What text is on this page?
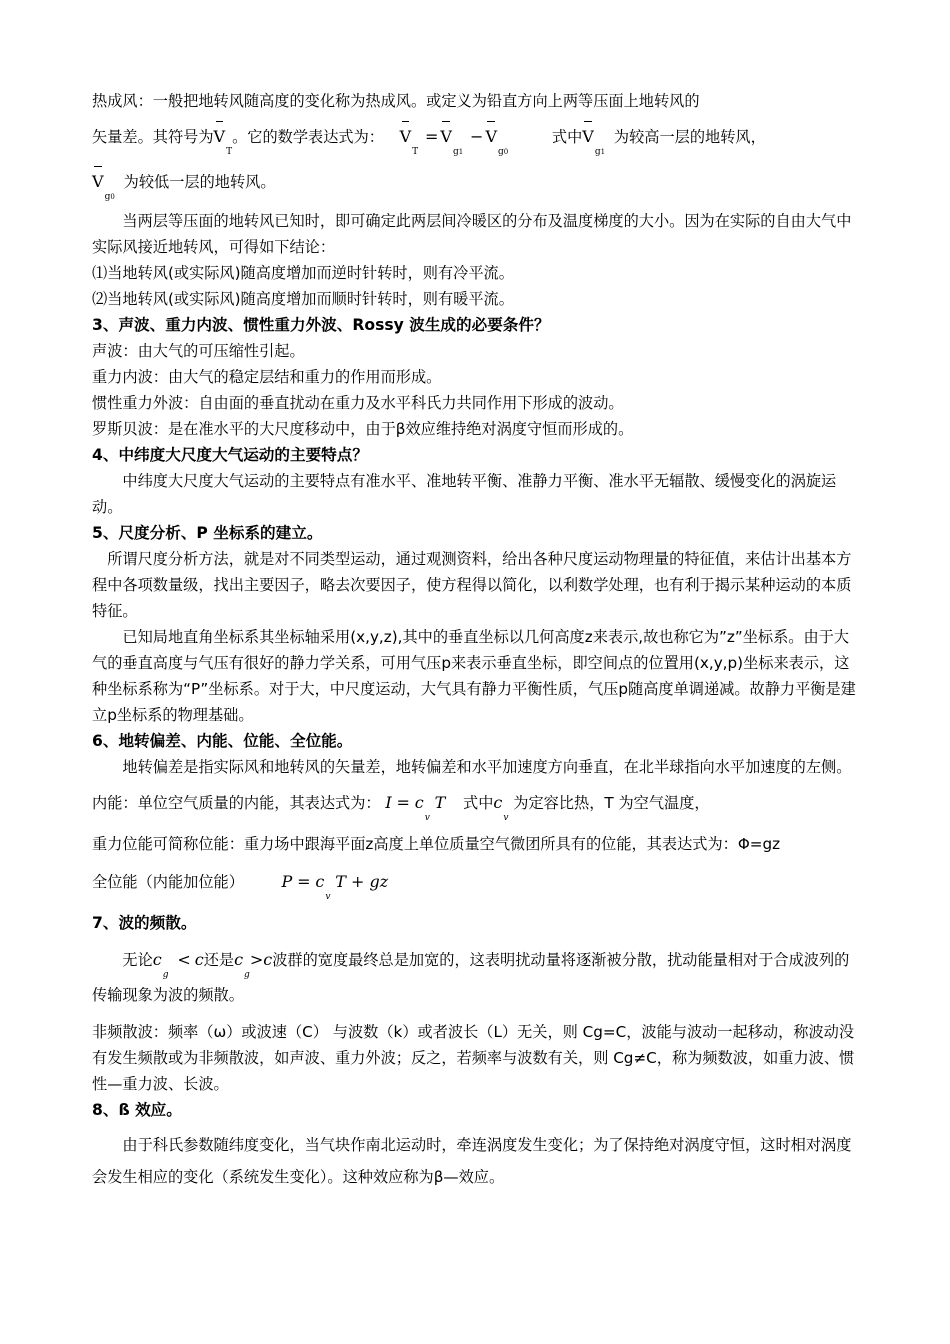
热成风：一般把地转风随高度的变化称为热成风。或定义为铅直方向上两等压面上地转风的

矢量差。其符号为$V_T$。它的数学表达式为： $V_T = V_{g1} - V_{g0}$  式中$V_{g1}$ 为较高一层的地转风，

$V_{g0}$ 为较低一层的地转风。

当两层等压面的地转风已知时，即可确定此两层间冷暖区的分布及温度梯度的大小。因为在实际的自由大气中实际风接近地转风，可得如下结论：

⑴当地转风(或实际风)随高度增加而逆时针转时，则有冷平流。

⑵当地转风(或实际风)随高度增加而顺时针转时，则有暖平流。

3、声波、重力内波、惯性重力外波、Rossy 波生成的必要条件？

声波：由大气的可压缩性引起。

重力内波：由大气的稳定层结和重力的作用而形成。

惯性重力外波：自由面的垂直扰动在重力及水平科氏力共同作用下形成的波动。

罗斯贝波：是在准水平的大尺度移动中，由于β效应维持绝对涡度守恒而形成的。

4、中纬度大尺度大气运动的主要特点？

中纬度大尺度大气运动的主要特点有准水平、准地转平衡、准静力平衡、准水平无辐散、缓慢变化的涡旋运动。

5、尺度分析、P 坐标系的建立。

所谓尺度分析方法，就是对不同类型运动，通过观测资料，给出各种尺度运动物理量的特征值，来估计出基本方程中各项数量级，找出主要因子，略去次要因子，使方程得以简化，以利数学处理，也有利于揭示某种运动的本质特征。

已知局地直角坐标系其坐标轴采用(x,y,z),其中的垂直坐标以几何高度z来表示,故也称它为”z”坐标系。由于大气的垂直高度与气压有很好的静力学关系，可用气压p来表示垂直坐标，即空间点的位置用(x,y,p)坐标来表示，这种坐标系称为“P”坐标系。对于大，中尺度运动，大气具有静力平衡性质，气压p随高度单调递减。故静力平衡是建立p坐标系的物理基础。

6、地转偏差、内能、位能、全位能。

地转偏差是指实际风和地转风的矢量差，地转偏差和水平加速度方向垂直，在北半球指向水平加速度的左侧。

内能：单位空气质量的内能，其表达式为： $I = c_v$ T 式中$c_v$ 为定容比热，T 为空气温度，

重力位能可简称位能：重力场中跟海平面z高度上单位质量空气微团所具有的位能，其表达式为：Φ=gz

全位能（内能加位能） $P = c_v$ T + gz

7、波的频散。

无论$c_g < c$还是$c_g>c$波群的宽度最终总是加宽的，这表明扰动量将逐渐被分散，扰动能量相对于合成波列的传输现象为波的频散。

非频散波：频率（ω）或波速（C） 与波数（k）或者波长（L）无关，则 Cg=C，波能与波动一起移动，称波动没有发生频散或为非频散波，如声波、重力外波；反之，若频率与波数有关，则 Cg≠C，称为频数波，如重力波、惯性—重力波、长波。

8、ß 效应。

由于科氏参数随纬度变化，当气块作南北运动时，牵连涡度发生变化；为了保持绝对涡度守恒，这时相对涡度会发生相应的变化（系统发生变化）。这种效应称为β—效应。
